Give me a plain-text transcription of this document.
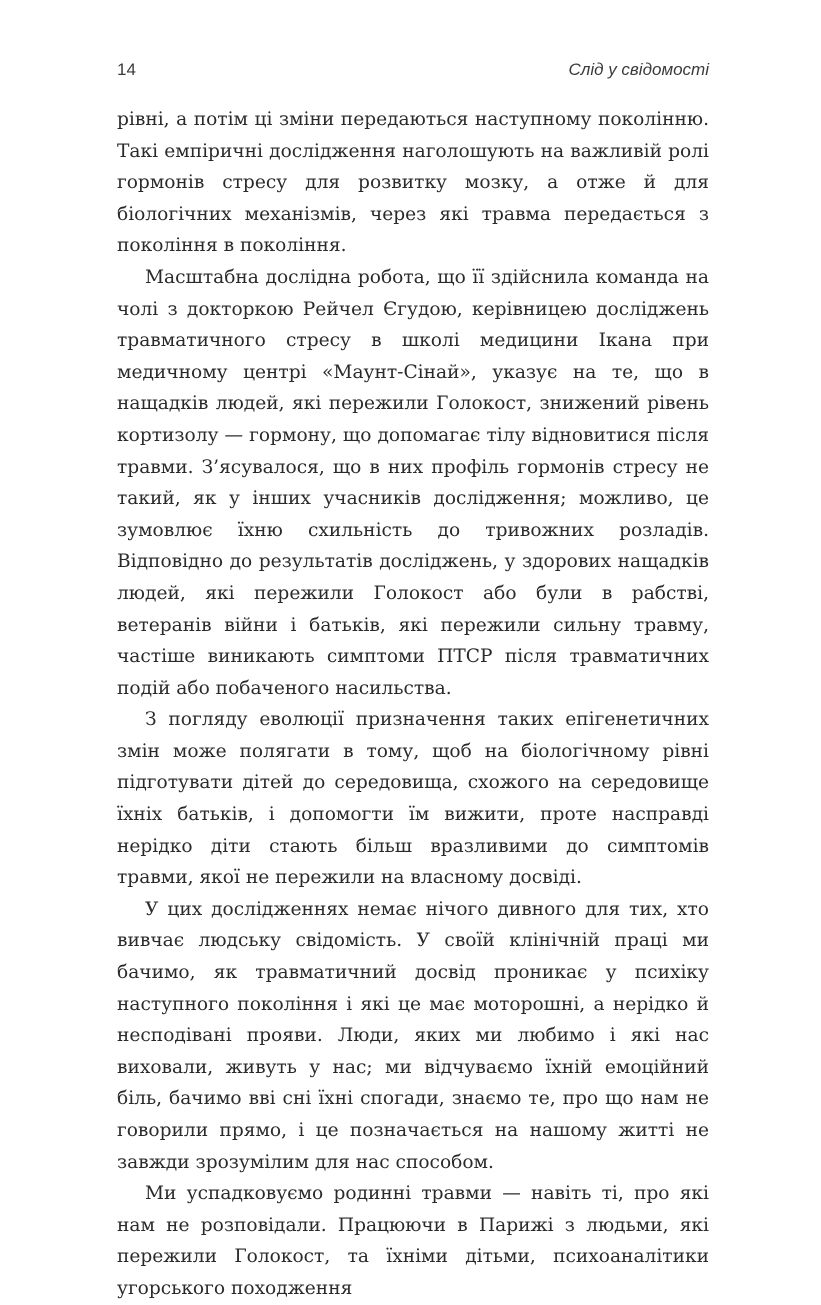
14	Слід у свідомості

рівні, а потім ці зміни передаються наступному поколінню. Такі емпіричні дослідження наголошують на важливій ролі гормонів стресу для розвитку мозку, а отже й для біологічних механізмів, через які травма передається з покоління в покоління.

Масштабна дослідна робота, що її здійснила команда на чолі з докторкою Рейчел Єгудою, керівницею досліджень травматичного стресу в школі медицини Ікана при медичному центрі «Маунт-Сінай», указує на те, що в нащадків людей, які пережили Голокост, знижений рівень кортизолу — гормону, що допомагає тілу відновитися після травми. З’ясувалося, що в них профіль гормонів стресу не такий, як у інших учасників дослідження; можливо, це зумовлює їхню схильність до тривожних розладів. Відповідно до результатів досліджень, у здорових нащадків людей, які пережили Голокост або були в рабстві, ветеранів війни і батьків, які пережили сильну травму, частіше виникають симптоми ПТСР після травматичних подій або побаченого насильства.

З погляду еволюції призначення таких епігенетичних змін може полягати в тому, щоб на біологічному рівні підготувати дітей до середовища, схожого на середовище їхніх батьків, і допомогти їм вижити, проте насправді нерідко діти стають більш вразливими до симптомів травми, якої не пережили на власному досвіді.

У цих дослідженнях немає нічого дивного для тих, хто вивчає людську свідомість. У своїй клінічній праці ми бачимо, як травматичний досвід проникає у психіку наступного покоління і які це має моторошні, а нерідко й несподівані прояви. Люди, яких ми любимо і які нас виховали, живуть у нас; ми відчуваємо їхній емоційний біль, бачимо вві сні їхні спогади, знаємо те, про що нам не говорили прямо, і це позначається на нашому житті не завжди зрозумілим для нас способом.

Ми успадковуємо родинні травми — навіть ті, про які нам не розповідали. Працюючи в Парижі з людьми, які пережили Голокост, та їхніми дітьми, психоаналітики угорського походження
